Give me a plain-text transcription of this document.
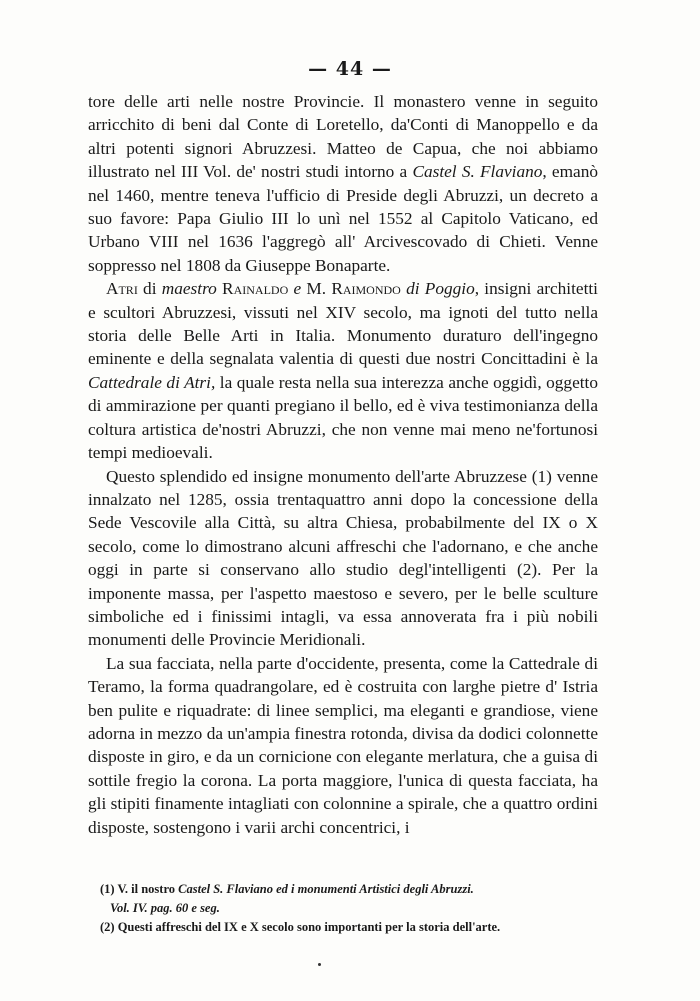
— 44 —

tore delle arti nelle nostre Provincie. Il monastero venne in seguito arricchito di beni dal Conte di Loretello, da'Conti di Manoppello e da altri potenti signori Abruzzesi. Matteo de Capua, che noi abbiamo illustrato nel III Vol. de' nostri studi intorno a Castel S. Flaviano, emanò nel 1460, mentre teneva l'ufficio di Preside degli Abruzzi, un decreto a suo favore: Papa Giulio III lo unì nel 1552 al Capitolo Vaticano, ed Urbano VIII nel 1636 l'aggregò all' Arcivescovado di Chieti. Venne soppresso nel 1808 da Giuseppe Bonaparte.

Atri di maestro Rainaldo e M. Raimondo di Poggio, insigni architetti e scultori Abruzzesi, vissuti nel XIV secolo, ma ignoti del tutto nella storia delle Belle Arti in Italia. Monumento duraturo dell'ingegno eminente e della segnalata valentia di questi due nostri Concittadini è la Cattedrale di Atri, la quale resta nella sua interezza anche oggidì, oggetto di ammirazione per quanti pregiano il bello, ed è viva testimonianza della coltura artistica de'nostri Abruzzi, che non venne mai meno ne'fortunosi tempi medioevali.

Questo splendido ed insigne monumento dell'arte Abruzzese (1) venne innalzato nel 1285, ossia trentaquattro anni dopo la concessione della Sede Vescovile alla Città, su altra Chiesa, probabilmente del IX o X secolo, come lo dimostrano alcuni affreschi che l'adornano, e che anche oggi in parte si conservano allo studio degl'intelligenti (2). Per la imponente massa, per l'aspetto maestoso e severo, per le belle sculture simboliche ed i finissimi intagli, va essa annoverata fra i più nobili monumenti delle Provincie Meridionali.

La sua facciata, nella parte d'occidente, presenta, come la Cattedrale di Teramo, la forma quadrangolare, ed è costruita con larghe pietre d' Istria ben pulite e riquadrate: di linee semplici, ma eleganti e grandiose, viene adorna in mezzo da un'ampia finestra rotonda, divisa da dodici colonnette disposte in giro, e da un cornicione con elegante merlatura, che a guisa di sottile fregio la corona. La porta maggiore, l'unica di questa facciata, ha gli stipiti finamente intagliati con colonnine a spirale, che a quattro ordini disposte, sostengono i varii archi concentrici, i

(1) V. il nostro Castel S. Flaviano ed i monumenti Artistici degli Abruzzi.

Vol. IV. pag. 60 e seg.

(2) Questi affreschi del IX e X secolo sono importanti per la storia dell'arte.
